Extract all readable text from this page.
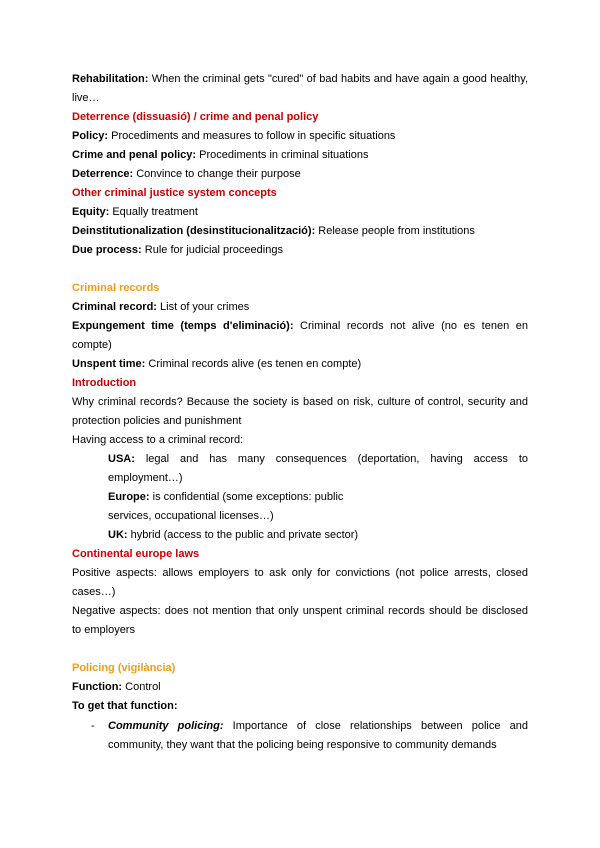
Rehabilitation: When the criminal gets "cured" of bad habits and have again a good healthy,
live…
Deterrence (dissuasió) / crime and penal policy
Policy: Procediments and measures to follow in specific situations
Crime and penal policy: Procediments in criminal situations
Deterrence: Convince to change their purpose
Other criminal justice system concepts
Equity: Equally treatment
Deinstitutionalization (desinstitucionalització): Release people from institutions
Due process: Rule for judicial proceedings
Criminal records
Criminal record: List of your crimes
Expungement time (temps d'eliminació): Criminal records not alive (no es tenen en
compte)
Unspent time: Criminal records alive (es tenen en compte)
Introduction
Why criminal records? Because the society is based on risk, culture of control, security and
protection policies and punishment
Having access to a criminal record:
USA: legal and has many consequences (deportation, having access to
employment…)
Europe: is confidential (some exceptions: public
services, occupational licenses…)
UK: hybrid (access to the public and private sector)
Continental europe laws
Positive aspects: allows employers to ask only for convictions (not police arrests, closed
cases…)
Negative aspects: does not mention that only unspent criminal records should be disclosed
to employers
Policing (vigilància)
Function: Control
To get that function:
- Community policing: Importance of close relationships between police and
community, they want that the policing being responsive to community demands
